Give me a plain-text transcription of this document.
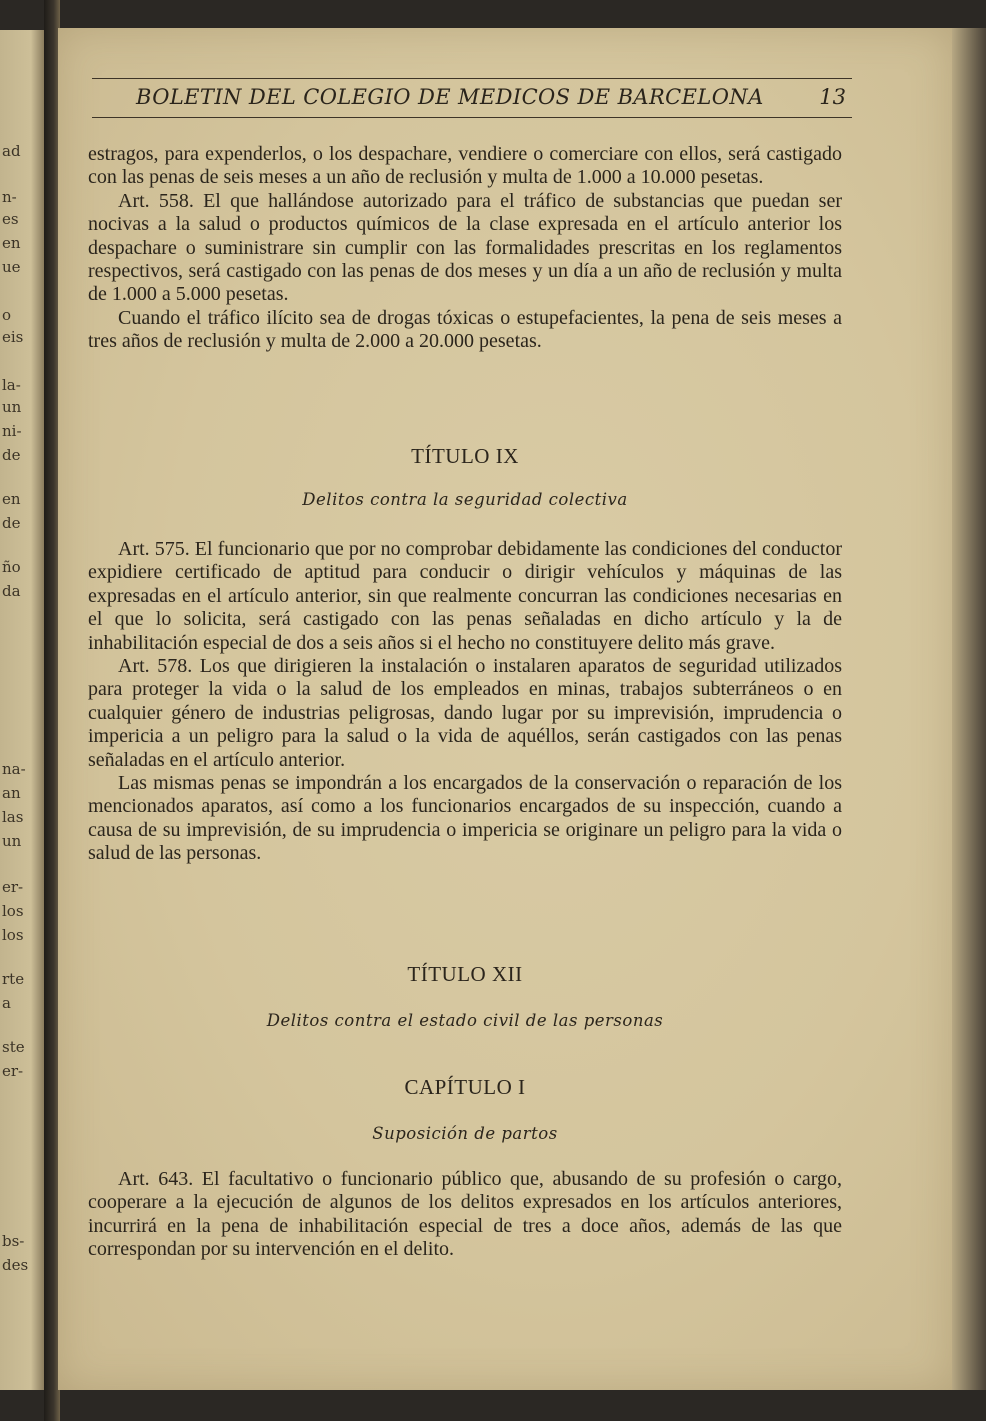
ad
n-
es
en
ue
o
eis
la-
un
ni-
de
en
de
ño
da
na-
an
las
un
er-
los
los
rte
a
ste
er-
bs-
des
BOLETIN DEL COLEGIO DE MEDICOS DE BARCELONA	13

estragos, para expenderlos, o los despachare, vendiere o comerciare con ellos, será castigado con las penas de seis meses a un año de reclusión y multa de 1.000 a 10.000 pesetas.

Art. 558. El que hallándose autorizado para el tráfico de substancias que puedan ser nocivas a la salud o productos químicos de la clase expresada en el artículo anterior los despachare o suministrare sin cumplir con las formalidades prescritas en los reglamentos respectivos, será castigado con las penas de dos meses y un día a un año de reclusión y multa de 1.000 a 5.000 pesetas.

Cuando el tráfico ilícito sea de drogas tóxicas o estupefacientes, la pena de seis meses a tres años de reclusión y multa de 2.000 a 20.000 pesetas.

TÍTULO IX
Delitos contra la seguridad colectiva

Art. 575. El funcionario que por no comprobar debidamente las condiciones del conductor expidiere certificado de aptitud para conducir o dirigir vehículos y máquinas de las expresadas en el artículo anterior, sin que realmente concurran las condiciones necesarias en el que lo solicita, será castigado con las penas señaladas en dicho artículo y la de inhabilitación especial de dos a seis años si el hecho no constituyere delito más grave.

Art. 578. Los que dirigieren la instalación o instalaren aparatos de seguridad utilizados para proteger la vida o la salud de los empleados en minas, trabajos subterráneos o en cualquier género de industrias peligrosas, dando lugar por su imprevisión, imprudencia o impericia a un peligro para la salud o la vida de aquéllos, serán castigados con las penas señaladas en el artículo anterior.

Las mismas penas se impondrán a los encargados de la conservación o reparación de los mencionados aparatos, así como a los funcionarios encargados de su inspección, cuando a causa de su imprevisión, de su imprudencia o impericia se originare un peligro para la vida o salud de las personas.

TÍTULO XII
Delitos contra el estado civil de las personas
CAPÍTULO I
Suposición de partos

Art. 643. El facultativo o funcionario público que, abusando de su profesión o cargo, cooperare a la ejecución de algunos de los delitos expresados en los artículos anteriores, incurrirá en la pena de inhabilitación especial de tres a doce años, además de las que correspondan por su intervención en el delito.
